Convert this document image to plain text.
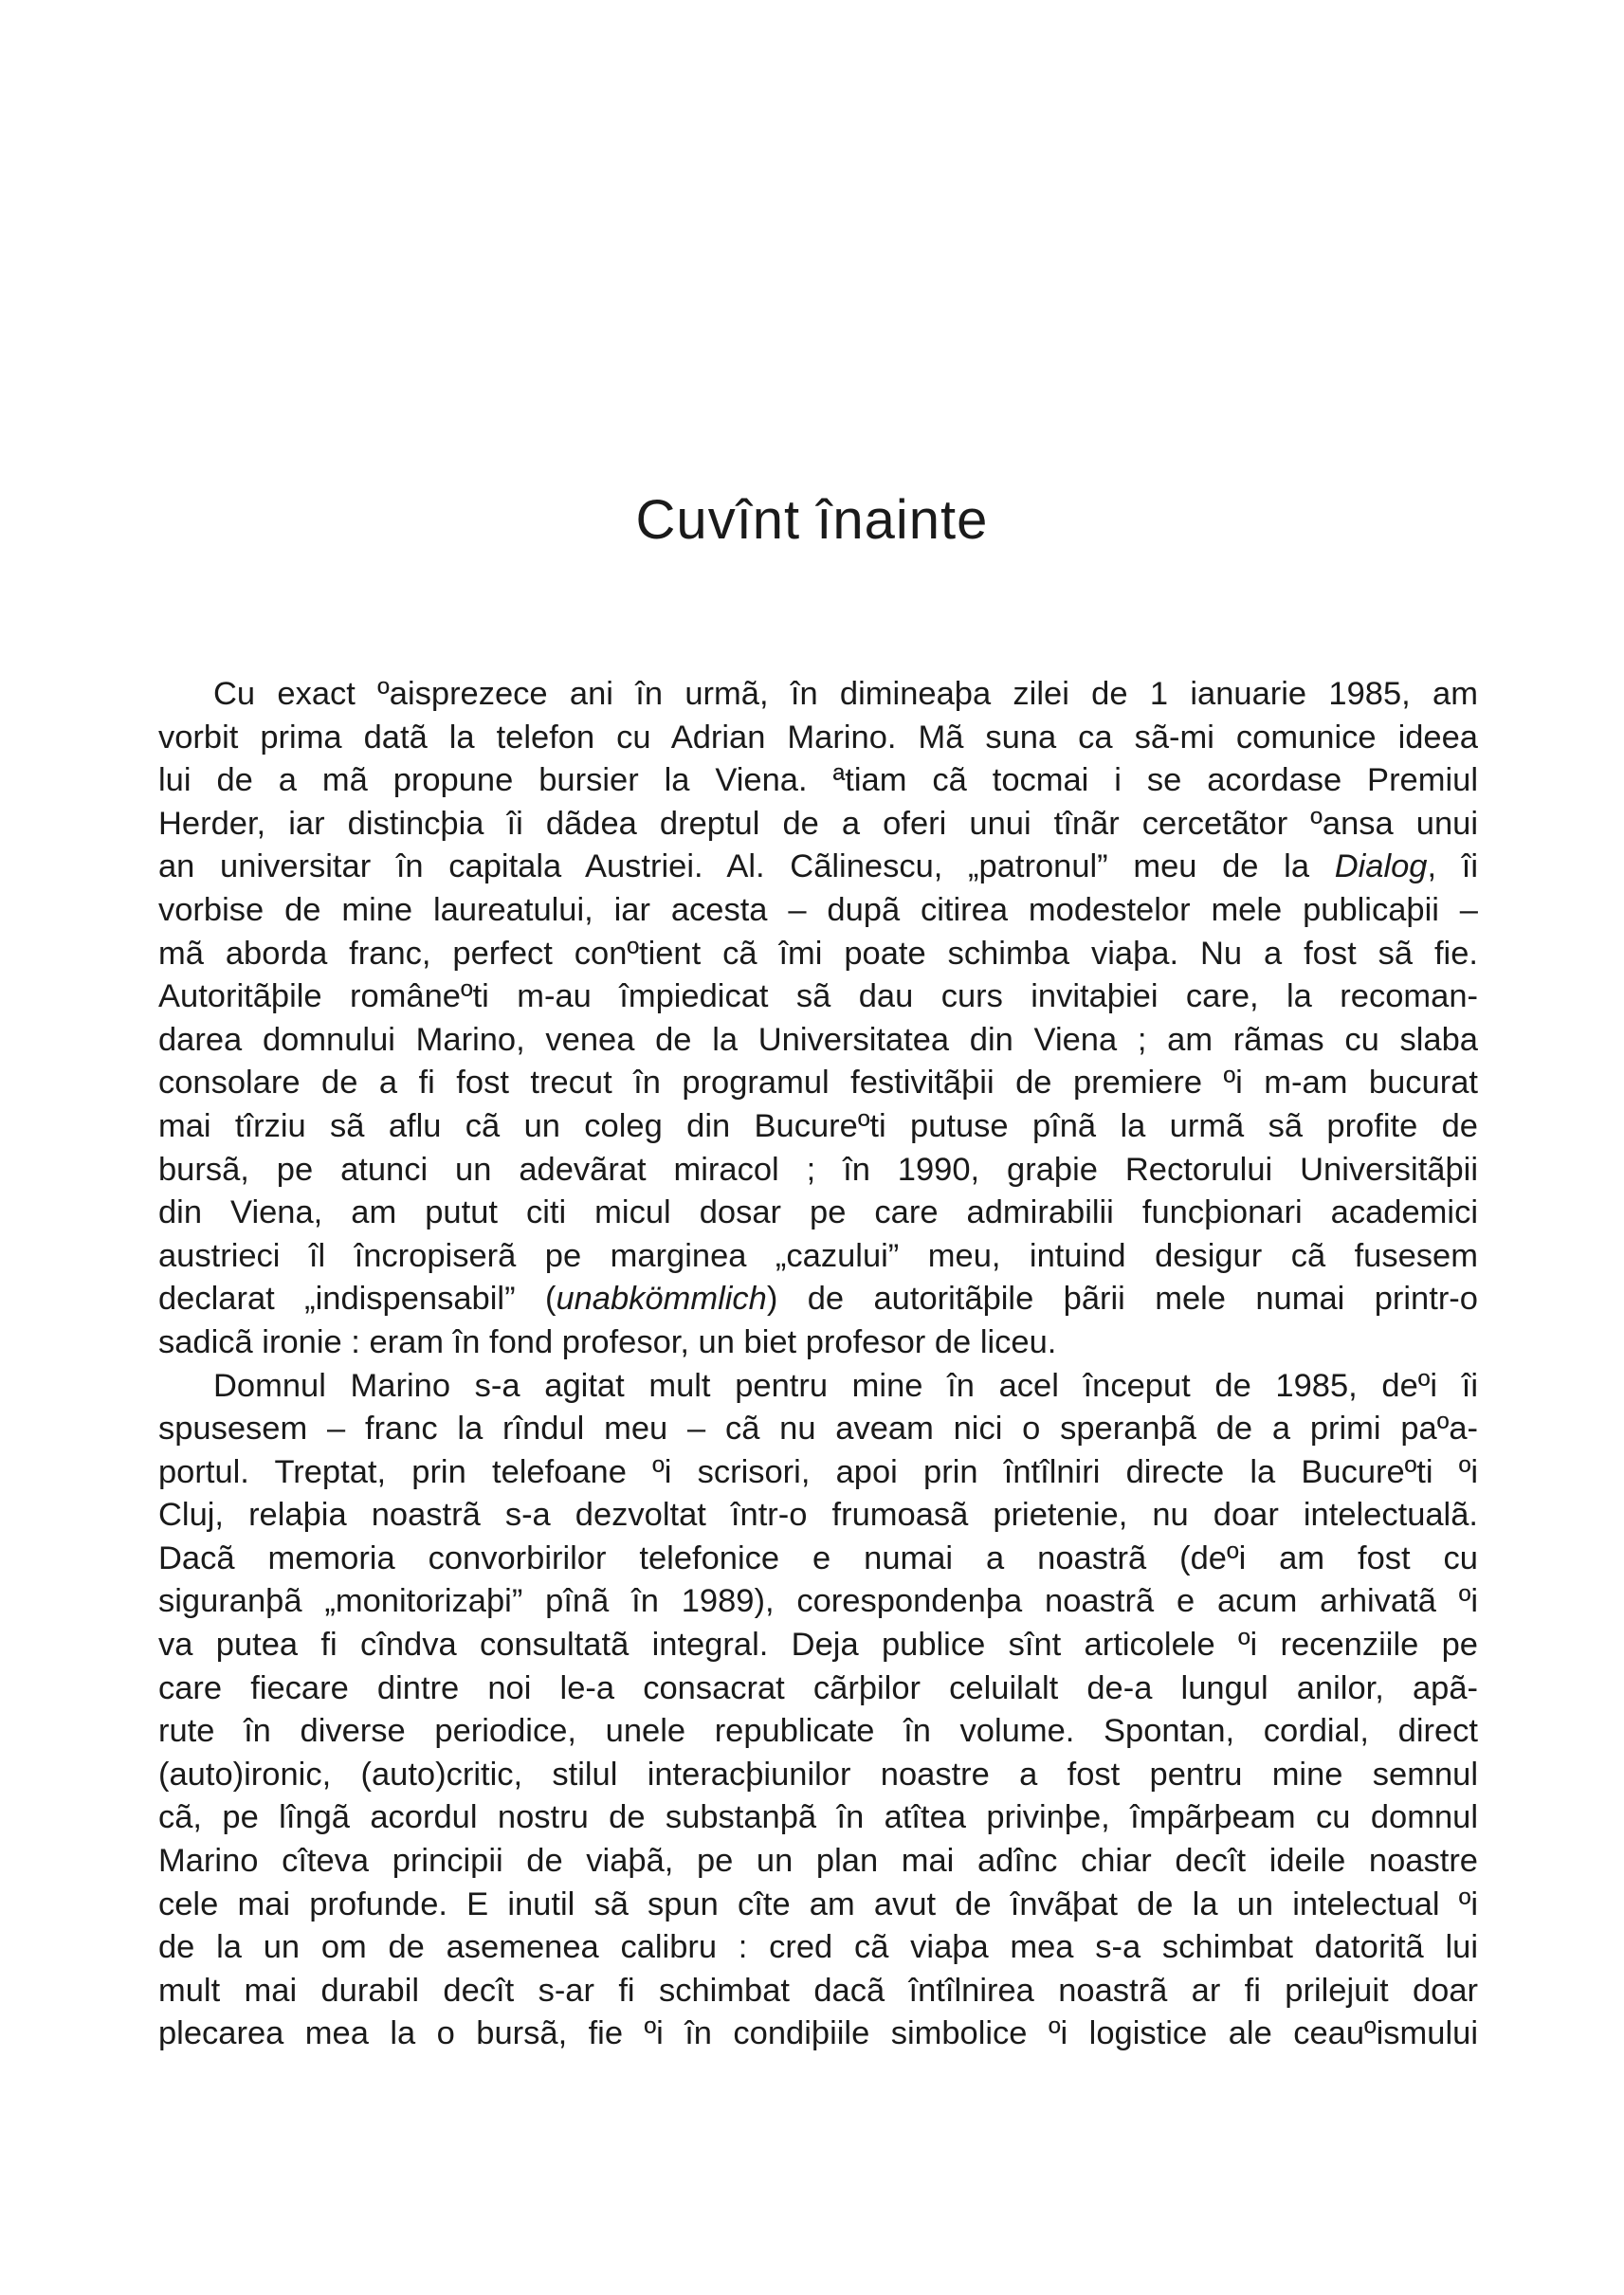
Cuvînt înainte
Cu exact ºaisprezece ani în urmã, în dimineaþa zilei de 1 ianuarie 1985, am
vorbit prima datã la telefon cu Adrian Marino. Mã suna ca sã-mi comunice ideea
lui de a mã propune bursier la Viena. ªtiam cã tocmai i se acordase Premiul
Herder, iar distincþia îi dãdea dreptul de a oferi unui tînãr cercetãtor ºansa unui
an universitar în capitala Austriei. Al. Cãlinescu, „patronul” meu de la Dialog, îi
vorbise de mine laureatului, iar acesta – dupã citirea modestelor mele publicaþii –
mã aborda franc, perfect conºtient cã îmi poate schimba viaþa. Nu a fost sã fie.
Autoritãþile româneºti m-au împiedicat sã dau curs invitaþiei care, la recoman-
darea domnului Marino, venea de la Universitatea din Viena ; am rãmas cu slaba
consolare de a fi fost trecut în programul festivitãþii de premiere ºi m-am bucurat
mai tîrziu sã aflu cã un coleg din Bucureºti putuse pînã la urmã sã profite de
bursã, pe atunci un adevãrat miracol ; în 1990, graþie Rectorului Universitãþii
din Viena, am putut citi micul dosar pe care admirabilii funcþionari academici
austrieci îl încropiserã pe marginea „cazului” meu, intuind desigur cã fusesem
declarat „indispensabil” (unabkömmlich) de autoritãþile þãrii mele numai printr-o
sadicã ironie : eram în fond profesor, un biet profesor de liceu.
Domnul Marino s-a agitat mult pentru mine în acel început de 1985, deºi îi
spusesem – franc la rîndul meu – cã nu aveam nici o speranþã de a primi paºa-
portul. Treptat, prin telefoane ºi scrisori, apoi prin întîlniri directe la Bucureºti ºi
Cluj, relaþia noastrã s-a dezvoltat într-o frumoasã prietenie, nu doar intelectualã.
Dacã memoria convorbirilor telefonice e numai a noastrã (deºi am fost cu
siguranþã „monitorizaþi” pînã în 1989), corespondenþa noastrã e acum arhivatã ºi
va putea fi cîndva consultatã integral. Deja publice sînt articolele ºi recenziile pe
care fiecare dintre noi le-a consacrat cãrþilor celuilalt de-a lungul anilor, apã-
rute în diverse periodice, unele republicate în volume. Spontan, cordial, direct
(auto)ironic, (auto)critic, stilul interacþiunilor noastre a fost pentru mine semnul
cã, pe lîngã acordul nostru de substanþã în atîtea privinþe, împãrþeam cu domnul
Marino cîteva principii de viaþã, pe un plan mai adînc chiar decît ideile noastre
cele mai profunde. E inutil sã spun cîte am avut de învãþat de la un intelectual ºi
de la un om de asemenea calibru : cred cã viaþa mea s-a schimbat datoritã lui
mult mai durabil decît s-ar fi schimbat dacã întîlnirea noastrã ar fi prilejuit doar
plecarea mea la o bursã, fie ºi în condiþiile simbolice ºi logistice ale ceauºismului
